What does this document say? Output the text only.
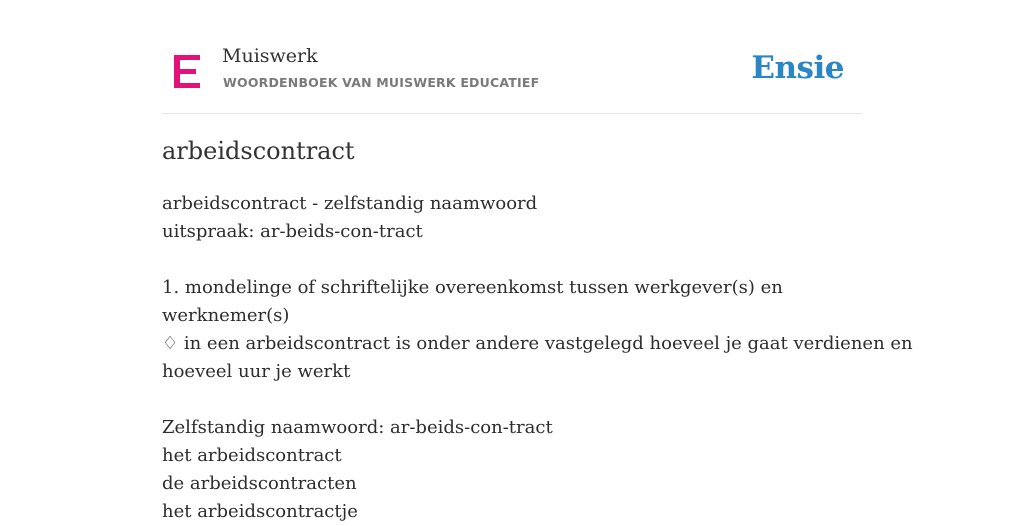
Muiswerk
WOORDENBOEK VAN MUISWERK EDUCATIEF	Ensie
arbeidscontract
arbeidscontract - zelfstandig naamwoord
uitspraak: ar-beids-con-tract
1. mondelinge of schriftelijke overeenkomst tussen werkgever(s) en
werknemer(s)
♢ in een arbeidscontract is onder andere vastgelegd hoeveel je gaat verdienen en
hoeveel uur je werkt
Zelfstandig naamwoord: ar-beids-con-tract
het arbeidscontract
de arbeidscontracten
het arbeidscontractje
